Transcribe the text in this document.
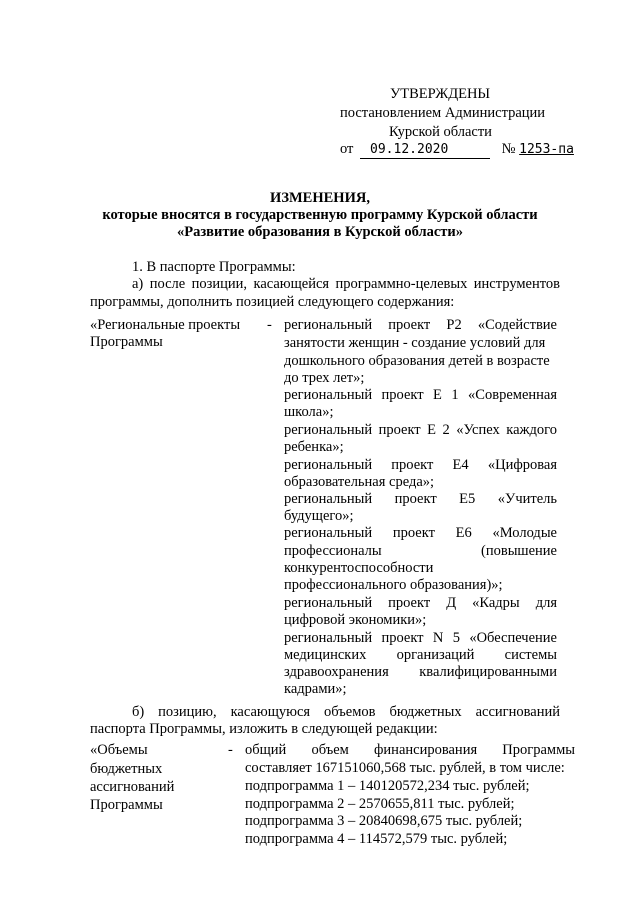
УТВЕРЖДЕНЫ
постановлением Администрации
Курской области
от 09.12.2020	№ 1253-па
ИЗМЕНЕНИЯ,
которые вносятся в государственную программу Курской области
«Развитие образования в Курской области»
1. В паспорте Программы:
а) после позиции, касающейся программно-целевых инструментов
программы, дополнить позицией следующего содержания:
«Региональные проекты
Программы
- региональный проект Р2 «Содействие
занятости женщин - создание условий для
дошкольного образования детей в возрасте
до трех лет»;
региональный проект Е 1 «Современная
школа»;
региональный проект Е 2 «Успех каждого
ребенка»;
региональный проект Е4 «Цифровая
образовательная среда»;
региональный проект Е5 «Учитель
будущего»;
региональный проект Е6 «Молодые
профессионалы (повышение
конкурентоспособности
профессионального образования)»;
региональный проект Д «Кадры для
цифровой экономики»;
региональный проект N 5 «Обеспечение
медицинских организаций системы
здравоохранения квалифицированными
кадрами»;
б) позицию, касающуюся объемов бюджетных ассигнований
паспорта Программы, изложить в следующей редакции:
«Объемы
бюджетных
ассигнований
Программы
- общий объем финансирования Программы
составляет 167151060,568 тыс. рублей, в том числе:
подпрограмма 1 – 140120572,234 тыс. рублей;
подпрограмма 2 – 2570655,811 тыс. рублей;
подпрограмма 3 – 20840698,675 тыс. рублей;
подпрограмма 4 – 114572,579 тыс. рублей;
